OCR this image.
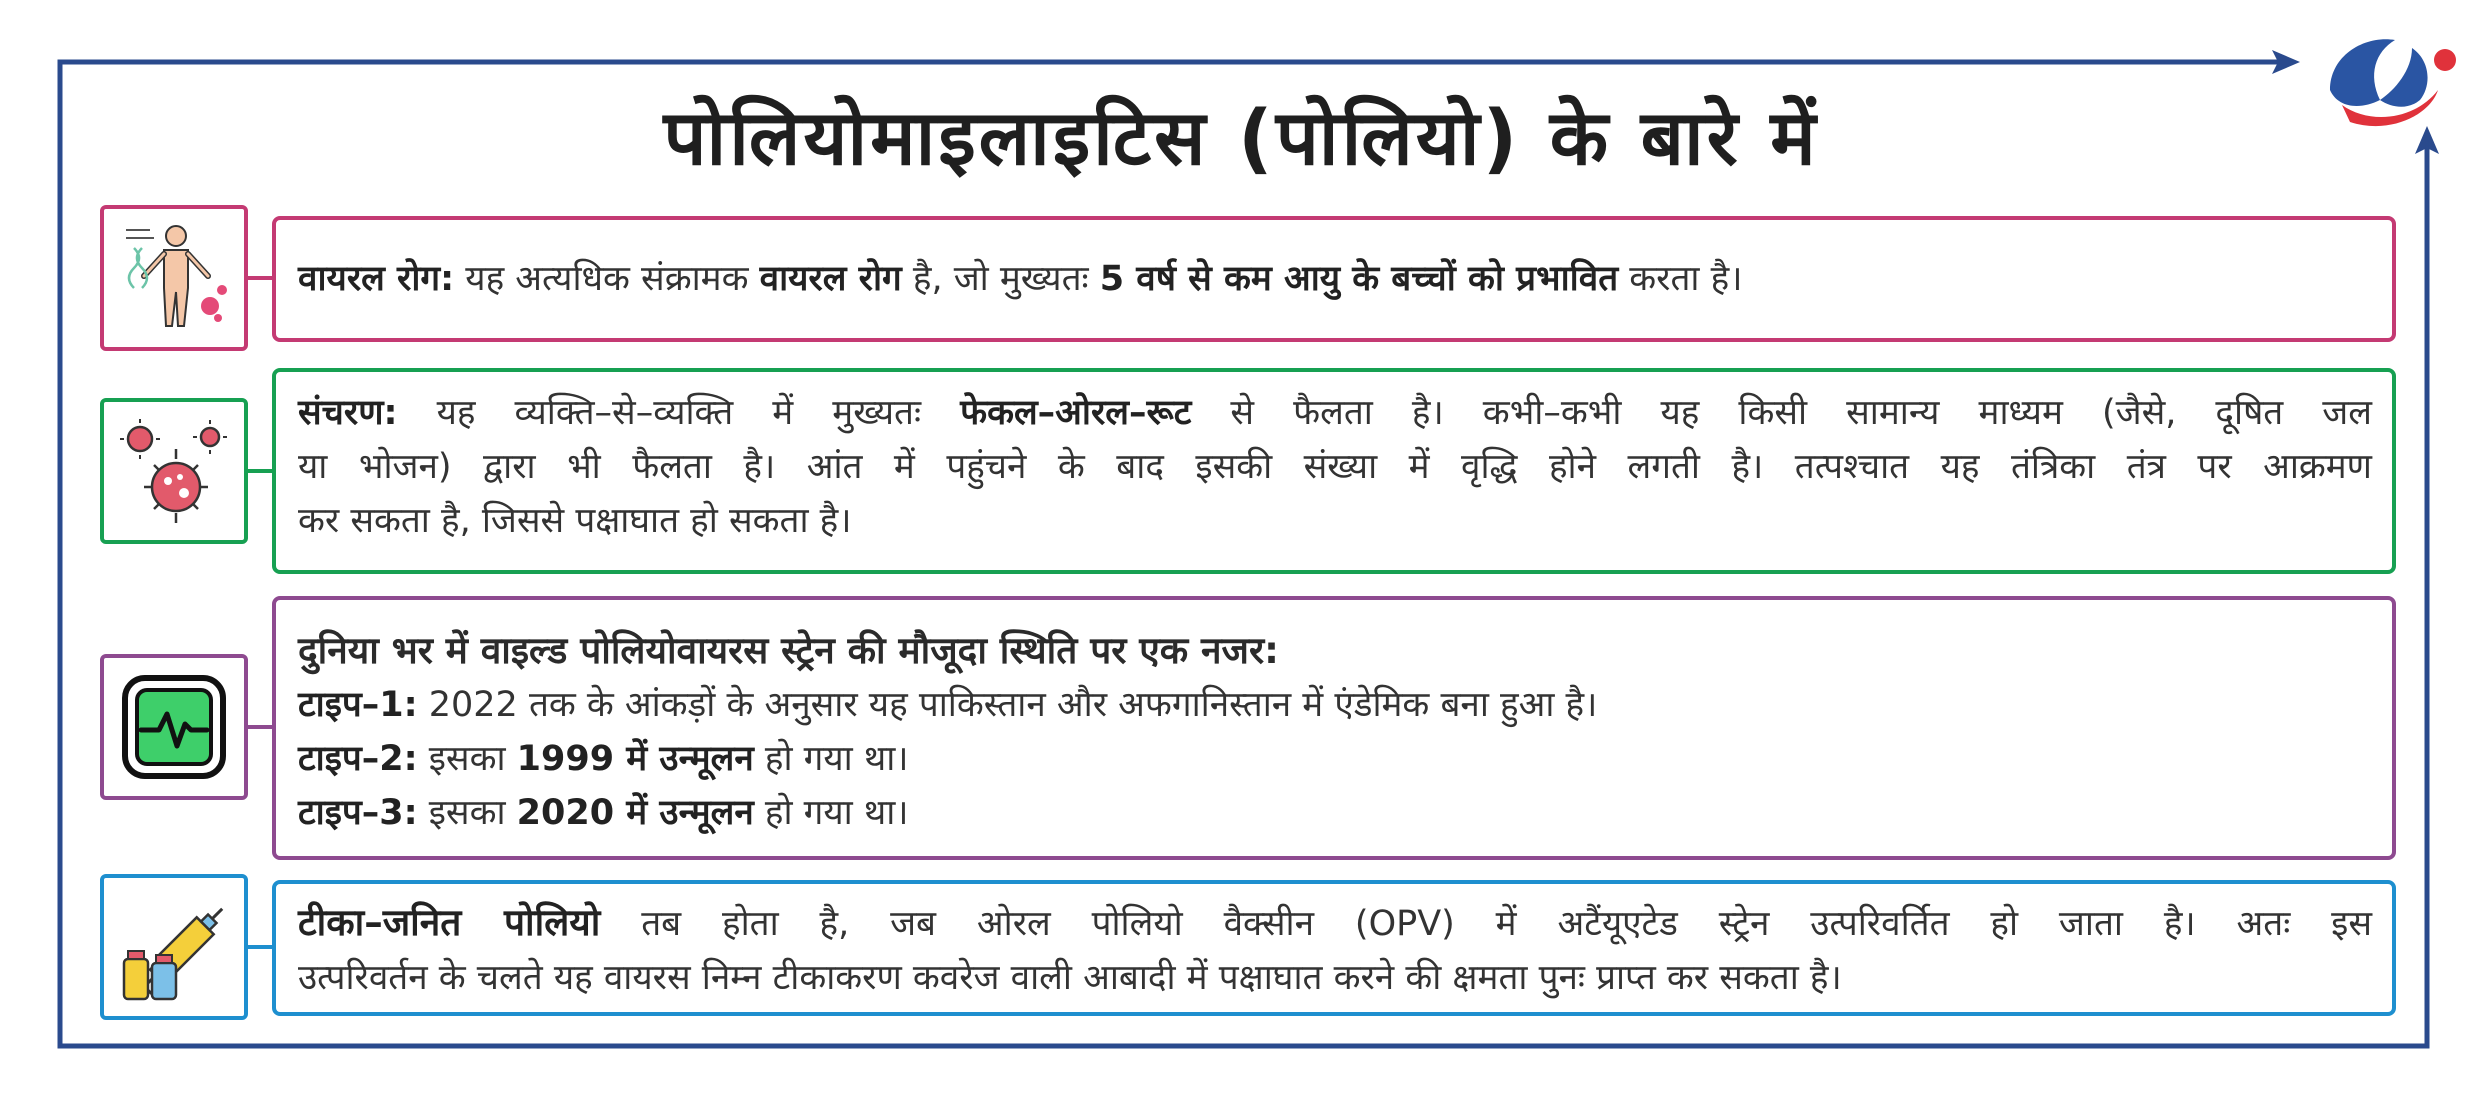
पोलियोमाइलाइटिस (पोलियो) के बारे में
वायरल रोग: यह अत्यधिक संक्रामक वायरल रोग है, जो मुख्यतः 5 वर्ष से कम आयु के बच्चों को प्रभावित करता है।
संचरण: यह व्यक्ति–से–व्यक्ति में मुख्यतः फेकल–ओरल–रूट से फैलता है। कभी–कभी यह किसी सामान्य माध्यम (जैसे, दूषित जल
या भोजन) द्वारा भी फैलता है। आंत में पहुंचने के बाद इसकी संख्या में वृद्धि होने लगती है। तत्पश्चात यह तंत्रिका तंत्र पर आक्रमण
कर सकता है, जिससे पक्षाघात हो सकता है।
दुनिया भर में वाइल्ड पोलियोवायरस स्ट्रेन की मौजूदा स्थिति पर एक नजर:
टाइप–1: 2022 तक के आंकड़ों के अनुसार यह पाकिस्तान और अफगानिस्तान में एंडेमिक बना हुआ है।
टाइप–2: इसका 1999 में उन्मूलन हो गया था।
टाइप–3: इसका 2020 में उन्मूलन हो गया था।
टीका–जनित पोलियो तब होता है, जब ओरल पोलियो वैक्सीन (OPV) में अटैंयूएटेड स्ट्रेन उत्परिवर्तित हो जाता है। अतः इस
उत्परिवर्तन के चलते यह वायरस निम्न टीकाकरण कवरेज वाली आबादी में पक्षाघात करने की क्षमता पुनः प्राप्त कर सकता है।
